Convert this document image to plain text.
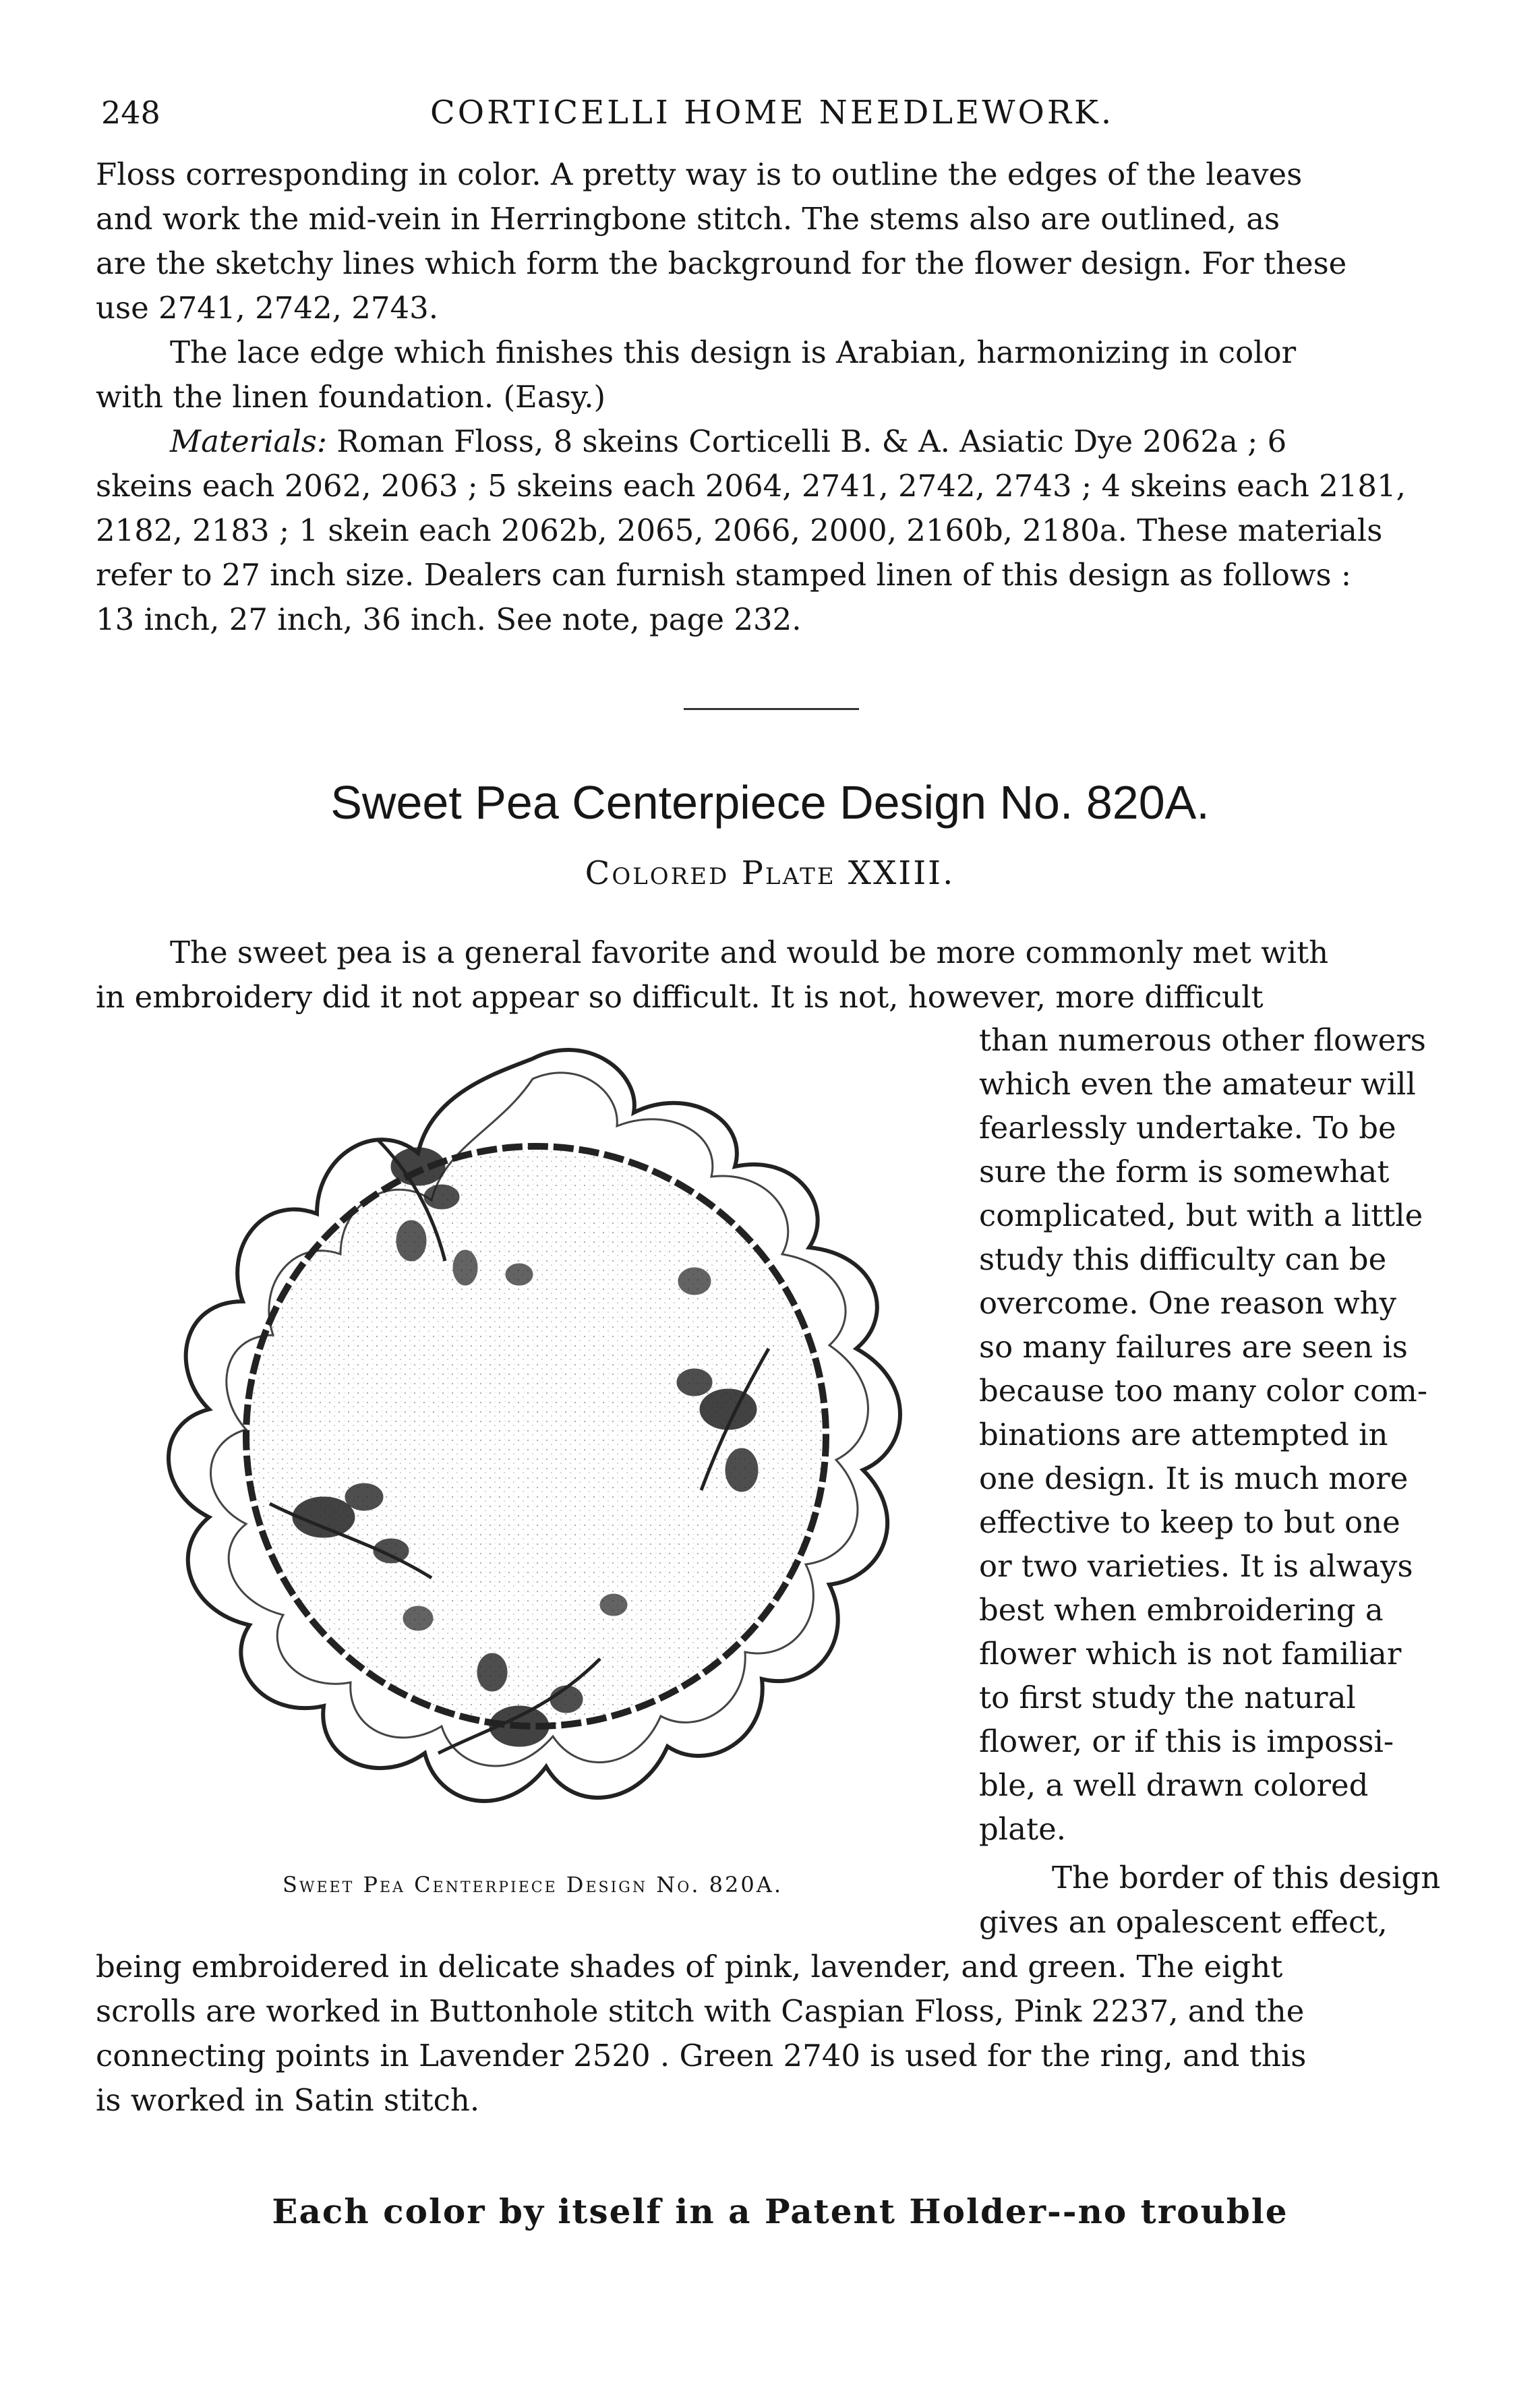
248	CORTICELLI HOME NEEDLEWORK.
Floss corresponding in color. A pretty way is to outline the edges of the leaves
and work the mid-vein in Herringbone stitch. The stems also are outlined, as
are the sketchy lines which form the background for the flower design. For these
use 2741, 2742, 2743.
The lace edge which finishes this design is Arabian, harmonizing in color
with the linen foundation. (Easy.)
Materials: Roman Floss, 8 skeins Corticelli B. & A. Asiatic Dye 2062a ; 6
skeins each 2062, 2063 ; 5 skeins each 2064, 2741, 2742, 2743 ; 4 skeins each 2181,
2182, 2183 ; 1 skein each 2062b, 2065, 2066, 2000, 2160b, 2180a. These materials
refer to 27 inch size. Dealers can furnish stamped linen of this design as follows :
13 inch, 27 inch, 36 inch. See note, page 232.
Sweet Pea Centerpiece Design No. 820A.
Colored Plate XXIII.
The sweet pea is a general favorite and would be more commonly met with
in embroidery did it not appear so difficult. It is not, however, more difficult
than numerous other flowers
which even the amateur will
fearlessly undertake. To be
sure the form is somewhat
complicated, but with a little
study this difficulty can be
overcome. One reason why
so many failures are seen is
because too many color com-
binations are attempted in
one design. It is much more
effective to keep to but one
or two varieties. It is always
best when embroidering a
flower which is not familiar
to first study the natural
flower, or if this is impossi-
ble, a well drawn colored
plate.
Sweet Pea Centerpiece Design No. 820A.	The border of this design
gives an opalescent effect,
being embroidered in delicate shades of pink, lavender, and green. The eight
scrolls are worked in Buttonhole stitch with Caspian Floss, Pink 2237, and the
connecting points in Lavender 2520 . Green 2740 is used for the ring, and this
is worked in Satin stitch.
Each color by itself in a Patent Holder--no trouble
